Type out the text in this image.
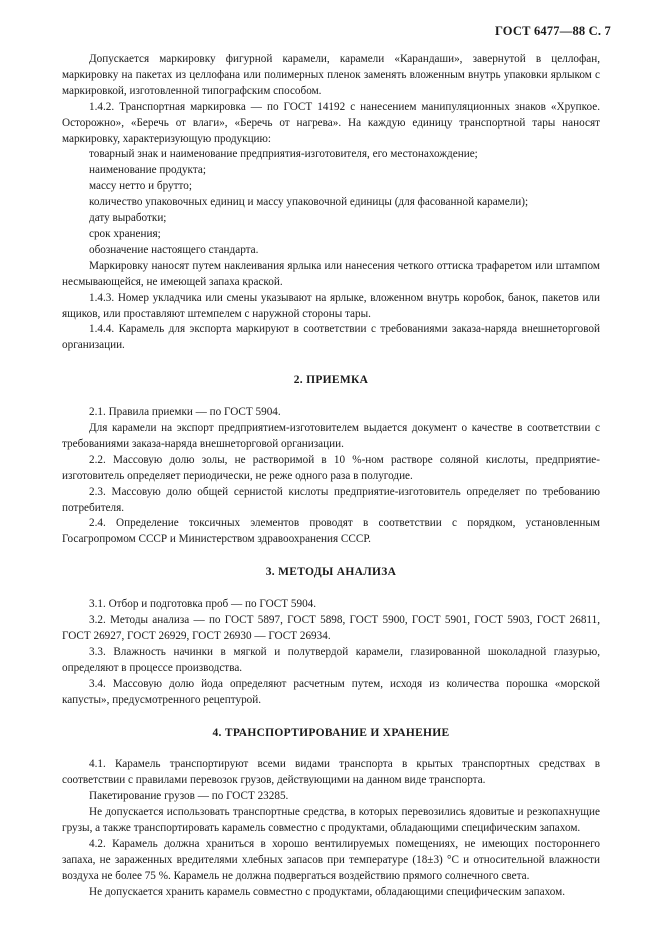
ГОСТ 6477—88 С. 7

Допускается маркировку фигурной карамели, карамели «Карандаши», завернутой в целлофан, маркировку на пакетах из целлофана или полимерных пленок заменять вложенным внутрь упаковки ярлыком с маркировкой, изготовленной типографским способом.

1.4.2. Транспортная маркировка — по ГОСТ 14192 с нанесением манипуляционных знаков «Хрупкое. Осторожно», «Беречь от влаги», «Беречь от нагрева». На каждую единицу транспортной тары наносят маркировку, характеризующую продукцию:

товарный знак и наименование предприятия-изготовителя, его местонахождение;

наименование продукта;

массу нетто и брутто;

количество упаковочных единиц и массу упаковочной единицы (для фасованной карамели);

дату выработки;

срок хранения;

обозначение настоящего стандарта.

Маркировку наносят путем наклеивания ярлыка или нанесения четкого оттиска трафаретом или штампом несмывающейся, не имеющей запаха краской.

1.4.3. Номер укладчика или смены указывают на ярлыке, вложенном внутрь коробок, банок, пакетов или ящиков, или проставляют штемпелем с наружной стороны тары.

1.4.4. Карамель для экспорта маркируют в соответствии с требованиями заказа-наряда внешнеторговой организации.

2. ПРИЕМКА

2.1. Правила приемки — по ГОСТ 5904.

Для карамели на экспорт предприятием-изготовителем выдается документ о качестве в соответствии с требованиями заказа-наряда внешнеторговой организации.

2.2. Массовую долю золы, не растворимой в 10 %-ном растворе соляной кислоты, предприятие-изготовитель определяет периодически, не реже одного раза в полугодие.

2.3. Массовую долю общей сернистой кислоты предприятие-изготовитель определяет по требованию потребителя.

2.4. Определение токсичных элементов проводят в соответствии с порядком, установленным Госагропромом СССР и Министерством здравоохранения СССР.

3. МЕТОДЫ АНАЛИЗА

3.1. Отбор и подготовка проб — по ГОСТ 5904.

3.2. Методы анализа — по ГОСТ 5897, ГОСТ 5898, ГОСТ 5900, ГОСТ 5901, ГОСТ 5903, ГОСТ 26811, ГОСТ 26927, ГОСТ 26929, ГОСТ 26930 — ГОСТ 26934.

3.3. Влажность начинки в мягкой и полутвердой карамели, глазированной шоколадной глазурью, определяют в процессе производства.

3.4. Массовую долю йода определяют расчетным путем, исходя из количества порошка «морской капусты», предусмотренного рецептурой.

4. ТРАНСПОРТИРОВАНИЕ И ХРАНЕНИЕ

4.1. Карамель транспортируют всеми видами транспорта в крытых транспортных средствах в соответствии с правилами перевозок грузов, действующими на данном виде транспорта.

Пакетирование грузов — по ГОСТ 23285.

Не допускается использовать транспортные средства, в которых перевозились ядовитые и резкопахнущие грузы, а также транспортировать карамель совместно с продуктами, обладающими специфическим запахом.

4.2. Карамель должна храниться в хорошо вентилируемых помещениях, не имеющих постороннего запаха, не зараженных вредителями хлебных запасов при температуре (18±3) °С и относительной влажности воздуха не более 75 %. Карамель не должна подвергаться воздействию прямого солнечного света.

Не допускается хранить карамель совместно с продуктами, обладающими специфическим запахом.
